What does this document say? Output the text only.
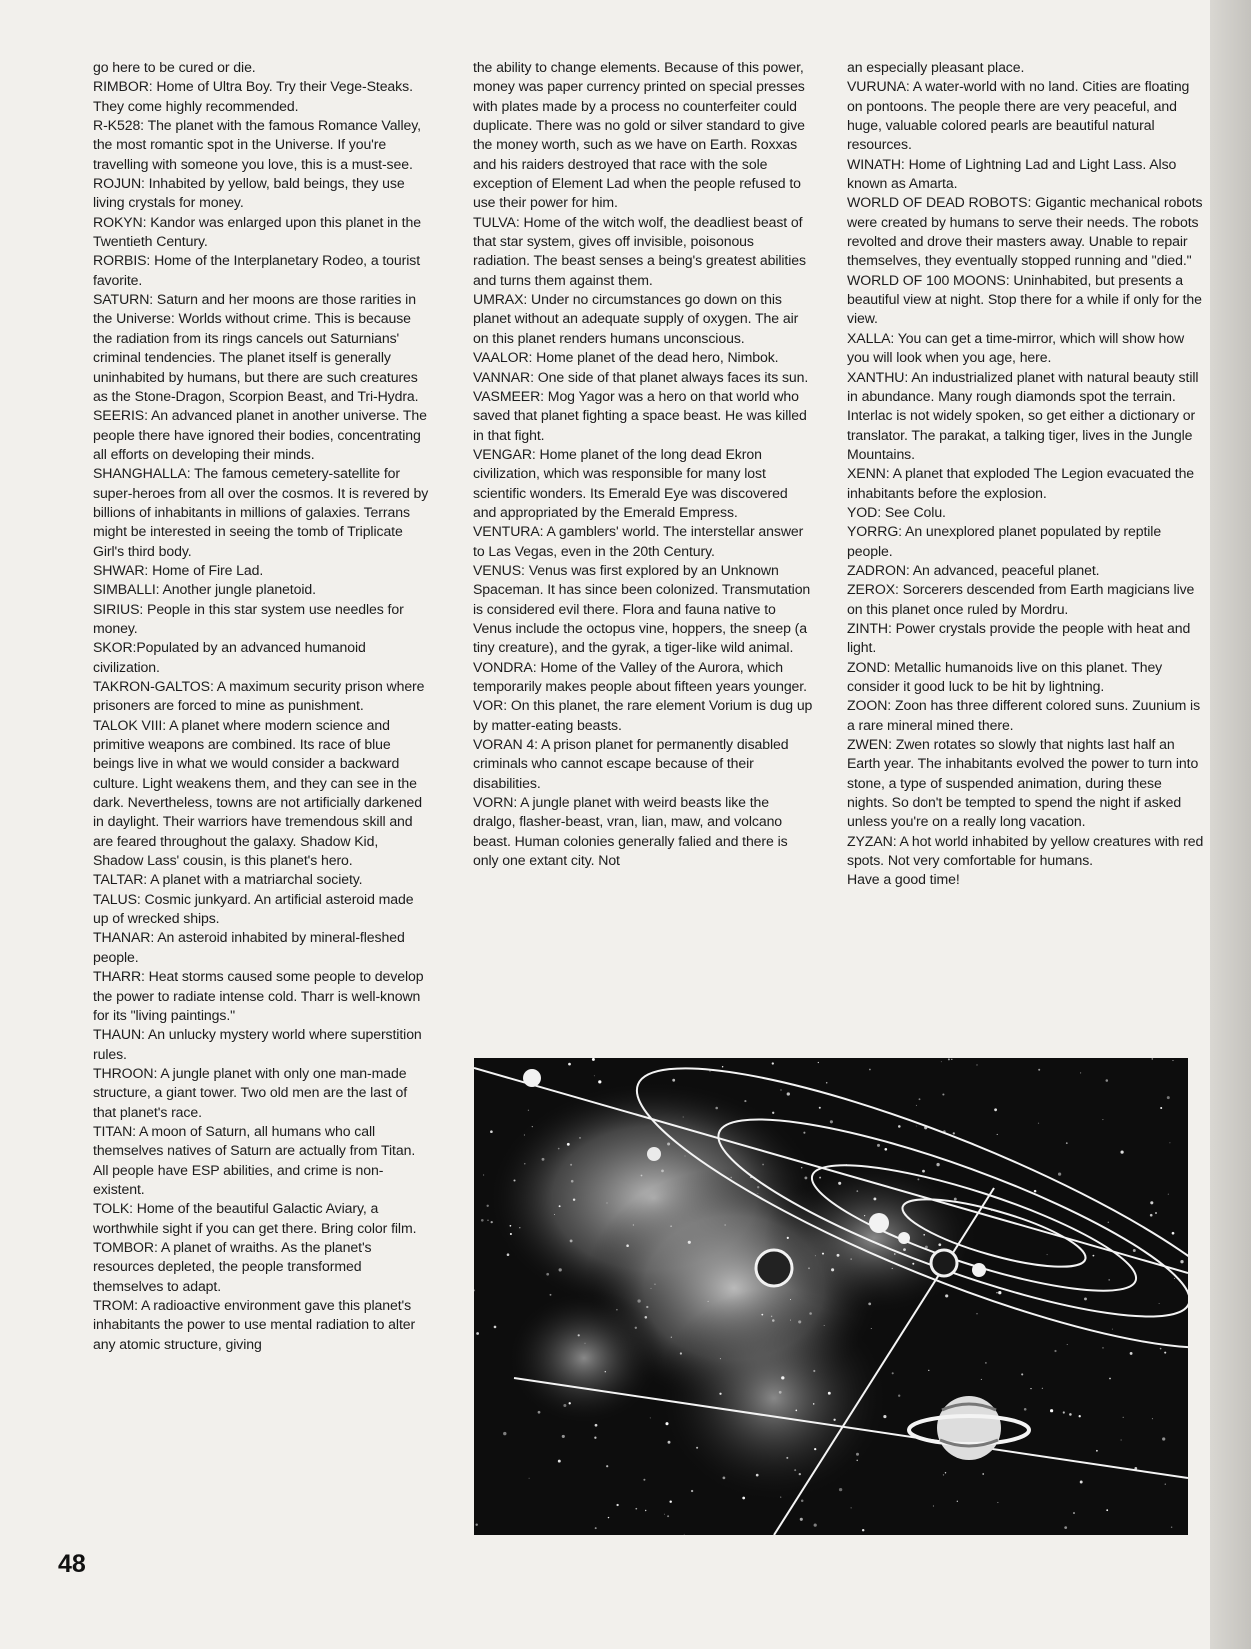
go here to be cured or die.

RIMBOR: Home of Ultra Boy. Try their Vege-Steaks. They come highly recommended.

R-K528: The planet with the famous Romance Valley, the most romantic spot in the Universe. If you're travelling with someone you love, this is a must-see.

ROJUN: Inhabited by yellow, bald beings, they use living crystals for money.

ROKYN: Kandor was enlarged upon this planet in the Twentieth Century.

RORBIS: Home of the Interplanetary Rodeo, a tourist favorite.

SATURN: Saturn and her moons are those rarities in the Universe: Worlds without crime. This is because the radiation from its rings cancels out Saturnians' criminal tendencies. The planet itself is generally uninhabited by humans, but there are such creatures as the Stone-Dragon, Scorpion Beast, and Tri-Hydra.

SEERIS: An advanced planet in another universe. The people there have ignored their bodies, concentrating all efforts on developing their minds.

SHANGHALLA: The famous cemetery-satellite for super-heroes from all over the cosmos. It is revered by billions of inhabitants in millions of galaxies. Terrans might be interested in seeing the tomb of Triplicate Girl's third body.

SHWAR: Home of Fire Lad.

SIMBALLI: Another jungle planetoid.

SIRIUS: People in this star system use needles for money.

SKOR:Populated by an advanced humanoid civilization.

TAKRON-GALTOS: A maximum security prison where prisoners are forced to mine as punishment.

TALOK VIII: A planet where modern science and primitive weapons are combined. Its race of blue beings live in what we would consider a backward culture. Light weakens them, and they can see in the dark. Nevertheless, towns are not artificially darkened in daylight. Their warriors have tremendous skill and are feared throughout the galaxy. Shadow Kid, Shadow Lass' cousin, is this planet's hero.

TALTAR: A planet with a matriarchal society.

TALUS: Cosmic junkyard. An artificial asteroid made up of wrecked ships.

THANAR: An asteroid inhabited by mineral-fleshed people.

THARR: Heat storms caused some people to develop the power to radiate intense cold. Tharr is well-known for its "living paintings."

THAUN: An unlucky mystery world where superstition rules.

THROON: A jungle planet with only one man-made structure, a giant tower. Two old men are the last of that planet's race.

TITAN: A moon of Saturn, all humans who call themselves natives of Saturn are actually from Titan. All people have ESP abilities, and crime is non-existent.

TOLK: Home of the beautiful Galactic Aviary, a worthwhile sight if you can get there. Bring color film.

TOMBOR: A planet of wraiths. As the planet's resources depleted, the people transformed themselves to adapt.

TROM: A radioactive environment gave this planet's inhabitants the power to use mental radiation to alter any atomic structure, giving

the ability to change elements. Because of this power, money was paper currency printed on special presses with plates made by a process no counterfeiter could duplicate. There was no gold or silver standard to give the money worth, such as we have on Earth. Roxxas and his raiders destroyed that race with the sole exception of Element Lad when the people refused to use their power for him.

TULVA: Home of the witch wolf, the deadliest beast of that star system, gives off invisible, poisonous radiation. The beast senses a being's greatest abilities and turns them against them.

UMRAX: Under no circumstances go down on this planet without an adequate supply of oxygen. The air on this planet renders humans unconscious.

VAALOR: Home planet of the dead hero, Nimbok.

VANNAR: One side of that planet always faces its sun.

VASMEER: Mog Yagor was a hero on that world who saved that planet fighting a space beast. He was killed in that fight.

VENGAR: Home planet of the long dead Ekron civilization, which was responsible for many lost scientific wonders. Its Emerald Eye was discovered and appropriated by the Emerald Empress.

VENTURA: A gamblers' world. The interstellar answer to Las Vegas, even in the 20th Century.

VENUS: Venus was first explored by an Unknown Spaceman. It has since been colonized. Transmutation is considered evil there. Flora and fauna native to Venus include the octopus vine, hoppers, the sneep (a tiny creature), and the gyrak, a tiger-like wild animal.

VONDRA: Home of the Valley of the Aurora, which temporarily makes people about fifteen years younger.

VOR: On this planet, the rare element Vorium is dug up by matter-eating beasts.

VORAN 4: A prison planet for permanently disabled criminals who cannot escape because of their disabilities.

VORN: A jungle planet with weird beasts like the dralgo, flasher-beast, vran, lian, maw, and volcano beast. Human colonies generally falied and there is only one extant city. Not

an especially pleasant place.

VURUNA: A water-world with no land. Cities are floating on pontoons. The people there are very peaceful, and huge, valuable colored pearls are beautiful natural resources.

WINATH: Home of Lightning Lad and Light Lass. Also known as Amarta.

WORLD OF DEAD ROBOTS: Gigantic mechanical robots were created by humans to serve their needs. The robots revolted and drove their masters away. Unable to repair themselves, they eventually stopped running and "died."

WORLD OF 100 MOONS: Uninhabited, but presents a beautiful view at night. Stop there for a while if only for the view.

XALLA: You can get a time-mirror, which will show how you will look when you age, here.

XANTHU: An industrialized planet with natural beauty still in abundance. Many rough diamonds spot the terrain. Interlac is not widely spoken, so get either a dictionary or translator. The parakat, a talking tiger, lives in the Jungle Mountains.

XENN: A planet that exploded The Legion evacuated the inhabitants before the explosion.

YOD: See Colu.

YORRG: An unexplored planet populated by reptile people.

ZADRON: An advanced, peaceful planet.

ZEROX: Sorcerers descended from Earth magicians live on this planet once ruled by Mordru.

ZINTH: Power crystals provide the people with heat and light.

ZOND: Metallic humanoids live on this planet. They consider it good luck to be hit by lightning.

ZOON: Zoon has three different colored suns. Zuunium is a rare mineral mined there.

ZWEN: Zwen rotates so slowly that nights last half an Earth year. The inhabitants evolved the power to turn into stone, a type of suspended animation, during these nights. So don't be tempted to spend the night if asked unless you're on a really long vacation.

ZYZAN: A hot world inhabited by yellow creatures with red spots. Not very comfortable for humans.

Have a good time!

48
